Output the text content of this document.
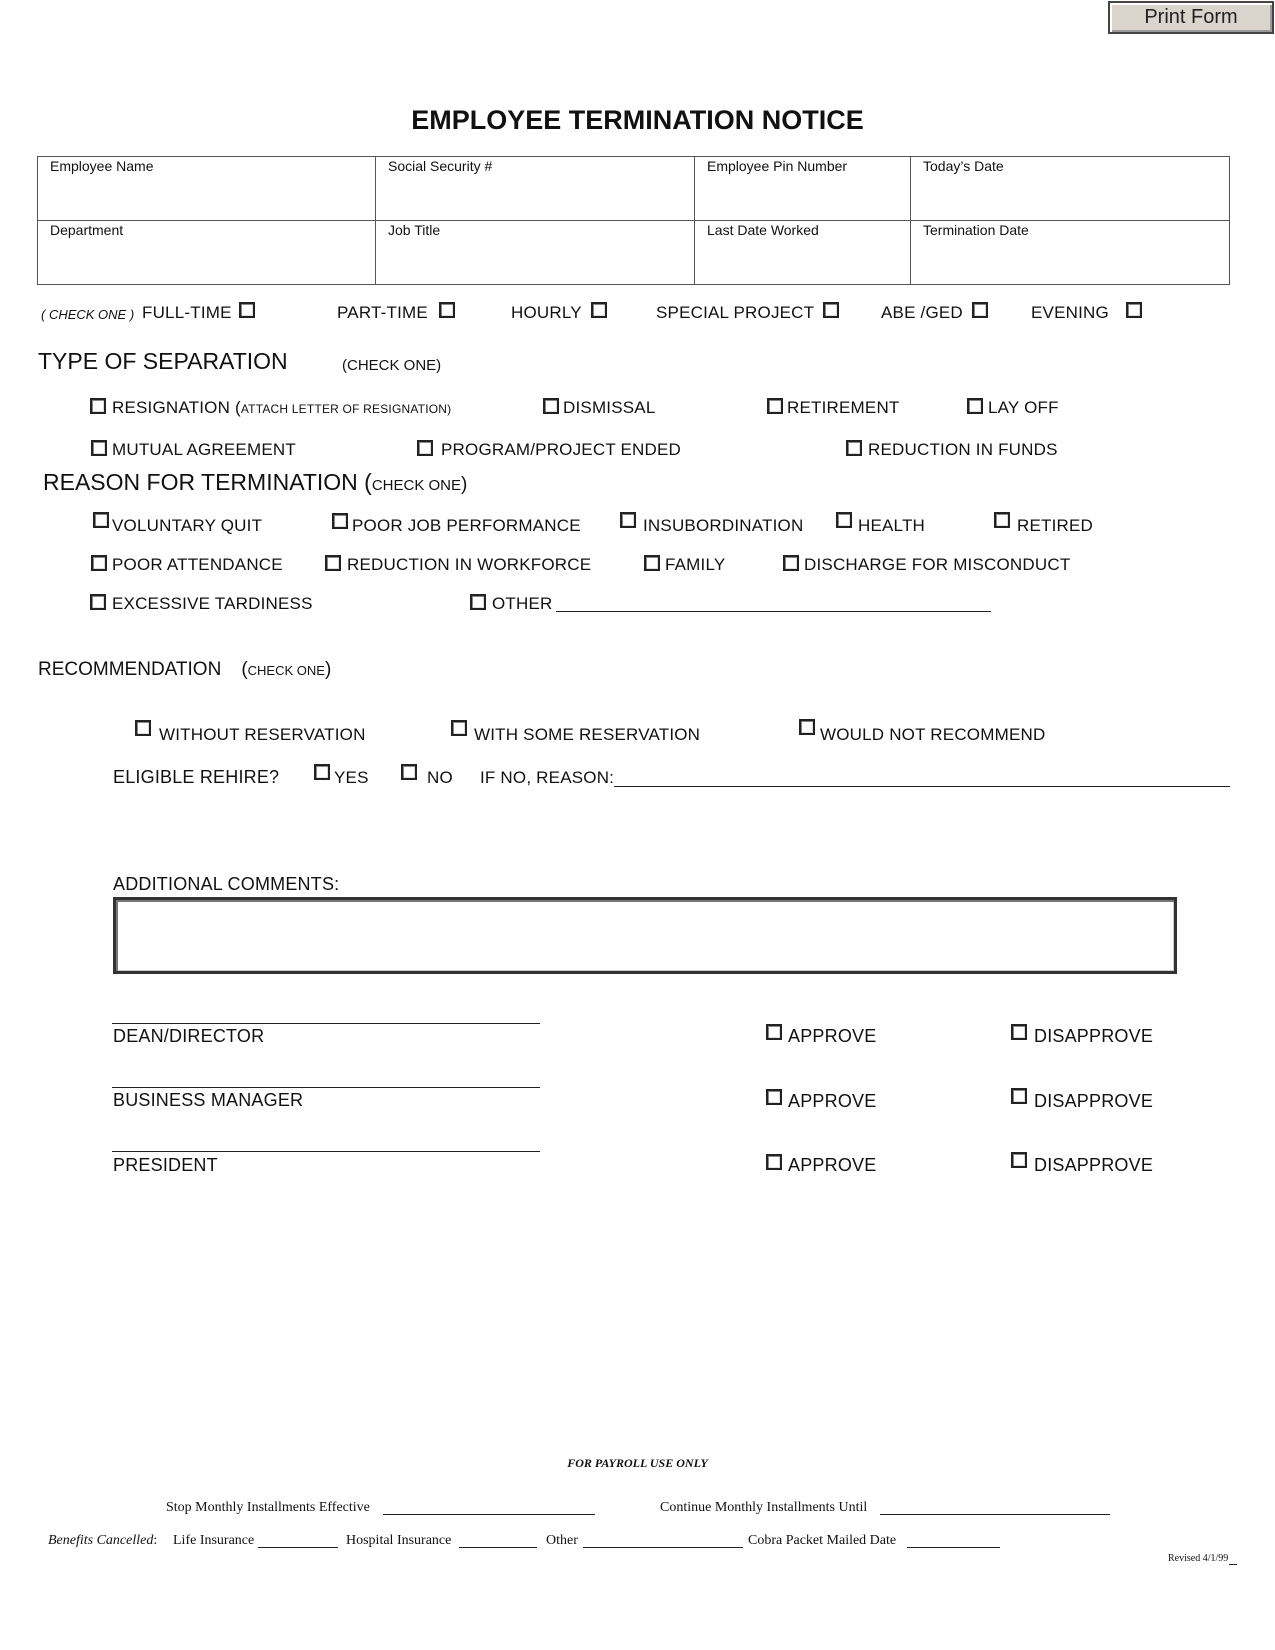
Print Form
EMPLOYEE TERMINATION NOTICE
Employee Name	Social Security #	Employee Pin Number	Today’s Date
Department	Job Title	Last Date Worked	Termination Date
( CHECK ONE ) FULL-TIME	PART-TIME	HOURLY	SPECIAL PROJECT	ABE /GED	EVENING
TYPE OF SEPARATION	(CHECK ONE)
RESIGNATION (ATTACH LETTER OF RESIGNATION)	DISMISSAL	RETIREMENT	LAY OFF
MUTUAL AGREEMENT	PROGRAM/PROJECT ENDED	REDUCTION IN FUNDS
REASON FOR TERMINATION (CHECK ONE)
VOLUNTARY QUIT	POOR JOB PERFORMANCE	INSUBORDINATION	HEALTH	RETIRED
POOR ATTENDANCE	REDUCTION IN WORKFORCE	FAMILY	DISCHARGE FOR MISCONDUCT
EXCESSIVE TARDINESS	OTHER
RECOMMENDATION (CHECK ONE)
WITHOUT RESERVATION	WITH SOME RESERVATION	WOULD NOT RECOMMEND
ELIGIBLE REHIRE?	YES	NO IF NO, REASON:
ADDITIONAL COMMENTS:
DEAN/DIRECTOR	APPROVE	DISAPPROVE
BUSINESS MANAGER	APPROVE	DISAPPROVE
PRESIDENT	APPROVE	DISAPPROVE
FOR PAYROLL USE ONLY
Stop Monthly Installments Effective	Continue Monthly Installments Until
Benefits Cancelled: Life Insurance	Hospital Insurance	Other	Cobra Packet Mailed Date
Revised 4/1/99
